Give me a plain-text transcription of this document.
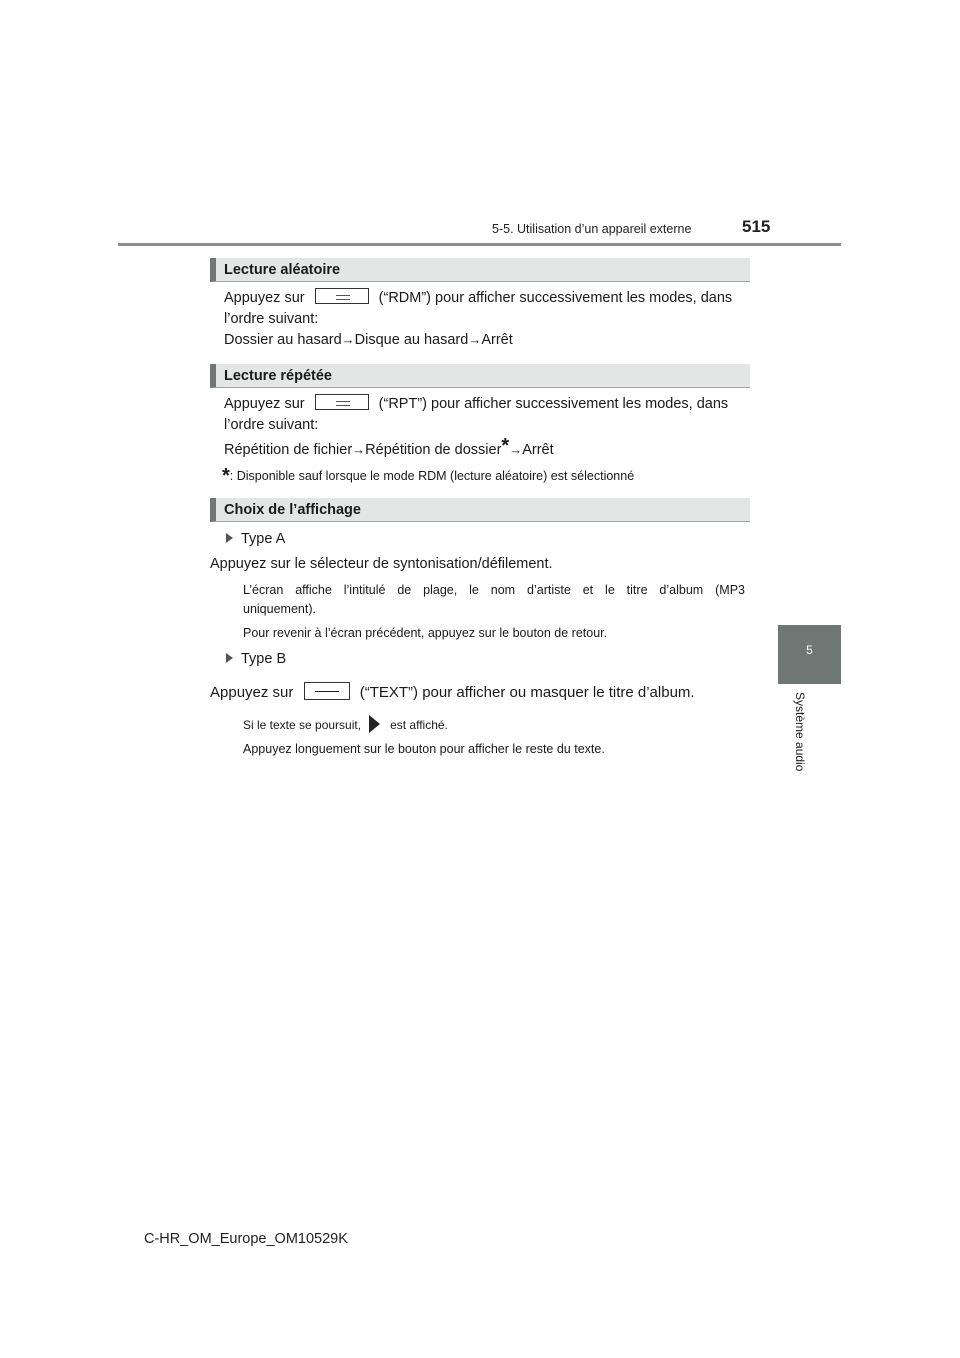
5-5. Utilisation d’un appareil externe	515
5
Système audio
Lecture aléatoire
Appuyez sur	(“RDM”) pour afficher successivement les modes, dans
l’ordre suivant:
Dossier au hasard→Disque au hasard→Arrêt
Lecture répétée
Appuyez sur	(“RPT”) pour afficher successivement les modes, dans
l’ordre suivant:
Répétition de fichier→Répétition de dossier*→Arrêt
*: Disponible sauf lorsque le mode RDM (lecture aléatoire) est sélectionné
Choix de l’affichage
Type A
Appuyez sur le sélecteur de syntonisation/défilement.
L’écran affiche l’intitulé de plage, le nom d’artiste et le titre d’album (MP3
uniquement).
Pour revenir à l’écran précédent, appuyez sur le bouton de retour.
Type B
Appuyez sur	(“TEXT”) pour afficher ou masquer le titre d’album.
Si le texte se poursuit, est affiché.
Appuyez longuement sur le bouton pour afficher le reste du texte.
C-HR_OM_Europe_OM10529K
